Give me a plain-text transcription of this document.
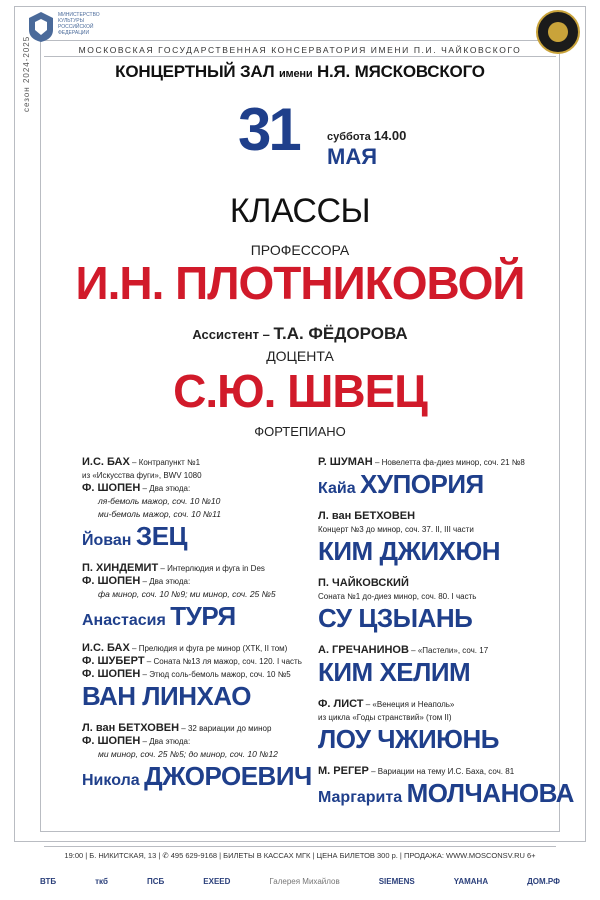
МИНИСТЕРСТВО КУЛЬТУРЫ РОССИЙСКОЙ ФЕДЕРАЦИИ
сезон 2024-2025	МОСКОВСКАЯ ГОСУДАРСТВЕННАЯ КОНСЕРВАТОРИЯ ИМЕНИ П.И. ЧАЙКОВСКОГО
КОНЦЕРТНЫЙ ЗАЛ имени Н.Я. МЯСКОВСКОГО
31	суббота 14.00
МАЯ
КЛАССЫ
ПРОФЕССОРА
И.Н. ПЛОТНИКОВОЙ
Ассистент – Т.А. ФЁДОРОВА
ДОЦЕНТА
С.Ю. ШВЕЦ
ФОРТЕПИАНО
И.С. БАХ – Контрапункт №1
из «Искусства фуги», BWV 1080
Ф. ШОПЕН – Два этюда:
ля-бемоль мажор, соч. 10 №10
ми-бемоль мажор, соч. 10 №11
Йован ЗЕЦ
П. ХИНДЕМИТ – Интерлюдия и фуга in Des
Ф. ШОПЕН – Два этюда:
фа минор, соч. 10 №9; ми минор, соч. 25 №5
Анастасия ТУРЯ
И.С. БАХ – Прелюдия и фуга ре минор (ХТК, II том)
Ф. ШУБЕРТ – Соната №13 ля мажор, соч. 120. I часть
Ф. ШОПЕН – Этюд соль-бемоль мажор, соч. 10 №5
ВАН ЛИНХАО
Л. ван БЕТХОВЕН – 32 вариации до минор
Ф. ШОПЕН – Два этюда:
ми минор, соч. 25 №5; до минор, соч. 10 №12
Никола ДЖОРОЕВИЧ
Р. ШУМАН – Новелетта фа-диез минор, соч. 21 №8
Кайа ХУПОРИЯ
Л. ван БЕТХОВЕН
Концерт №3 до минор, соч. 37. II, III части
КИМ ДЖИХЮН
П. ЧАЙКОВСКИЙ
Соната №1 до-диез минор, соч. 80. I часть
СУ ЦЗЫАНЬ
А. ГРЕЧАНИНОВ – «Пастели», соч. 17
КИМ ХЕЛИМ
Ф. ЛИСТ – «Венеция и Неаполь»
из цикла «Годы странствий» (том II)
ЛОУ ЧЖИЮНЬ
М. РЕГЕР – Вариации на тему И.С. Баха, соч. 81
Маргарита МОЛЧАНОВА
19:00 | Б. НИКИТСКАЯ, 13 | ✆ 495 629-9168 | БИЛЕТЫ В КАССАХ МГК | ЦЕНА БИЛЕТОВ 300 р. | ПРОДАЖА: WWW.MOSCONSV.RU 6+
ВТБ	ткб	ПСБ	EXEED	Галерея Михайлов	SIEMENS	YAMAHA	ДОМ.РФ
